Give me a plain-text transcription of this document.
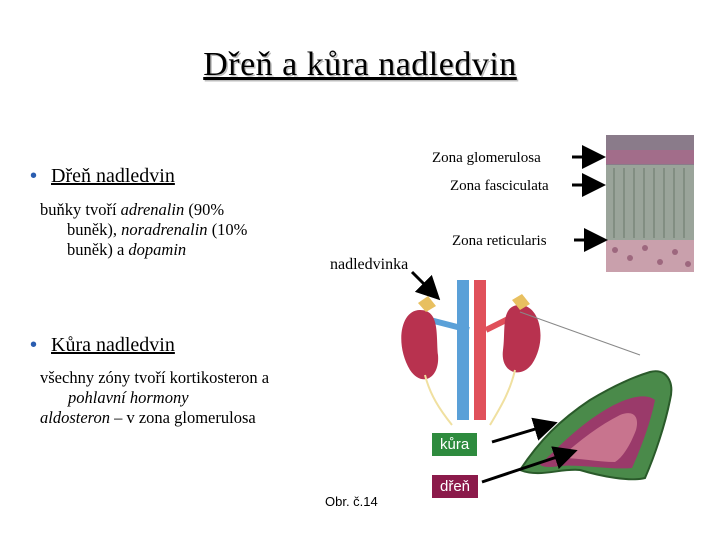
Dřeň a kůra nadledvin
• Dřeň nadledvin
buňky tvoří adrenalin (90%
buněk), noradrenalin (10%
buněk) a dopamin
• Kůra nadledvin
všechny zóny tvoří kortikosteron a
pohlavní hormony
aldosteron – v zona glomerulosa
Zona glomerulosa
Zona fasciculata
Zona reticularis
nadledvinka
kůra
dřeň
Obr. č.14
